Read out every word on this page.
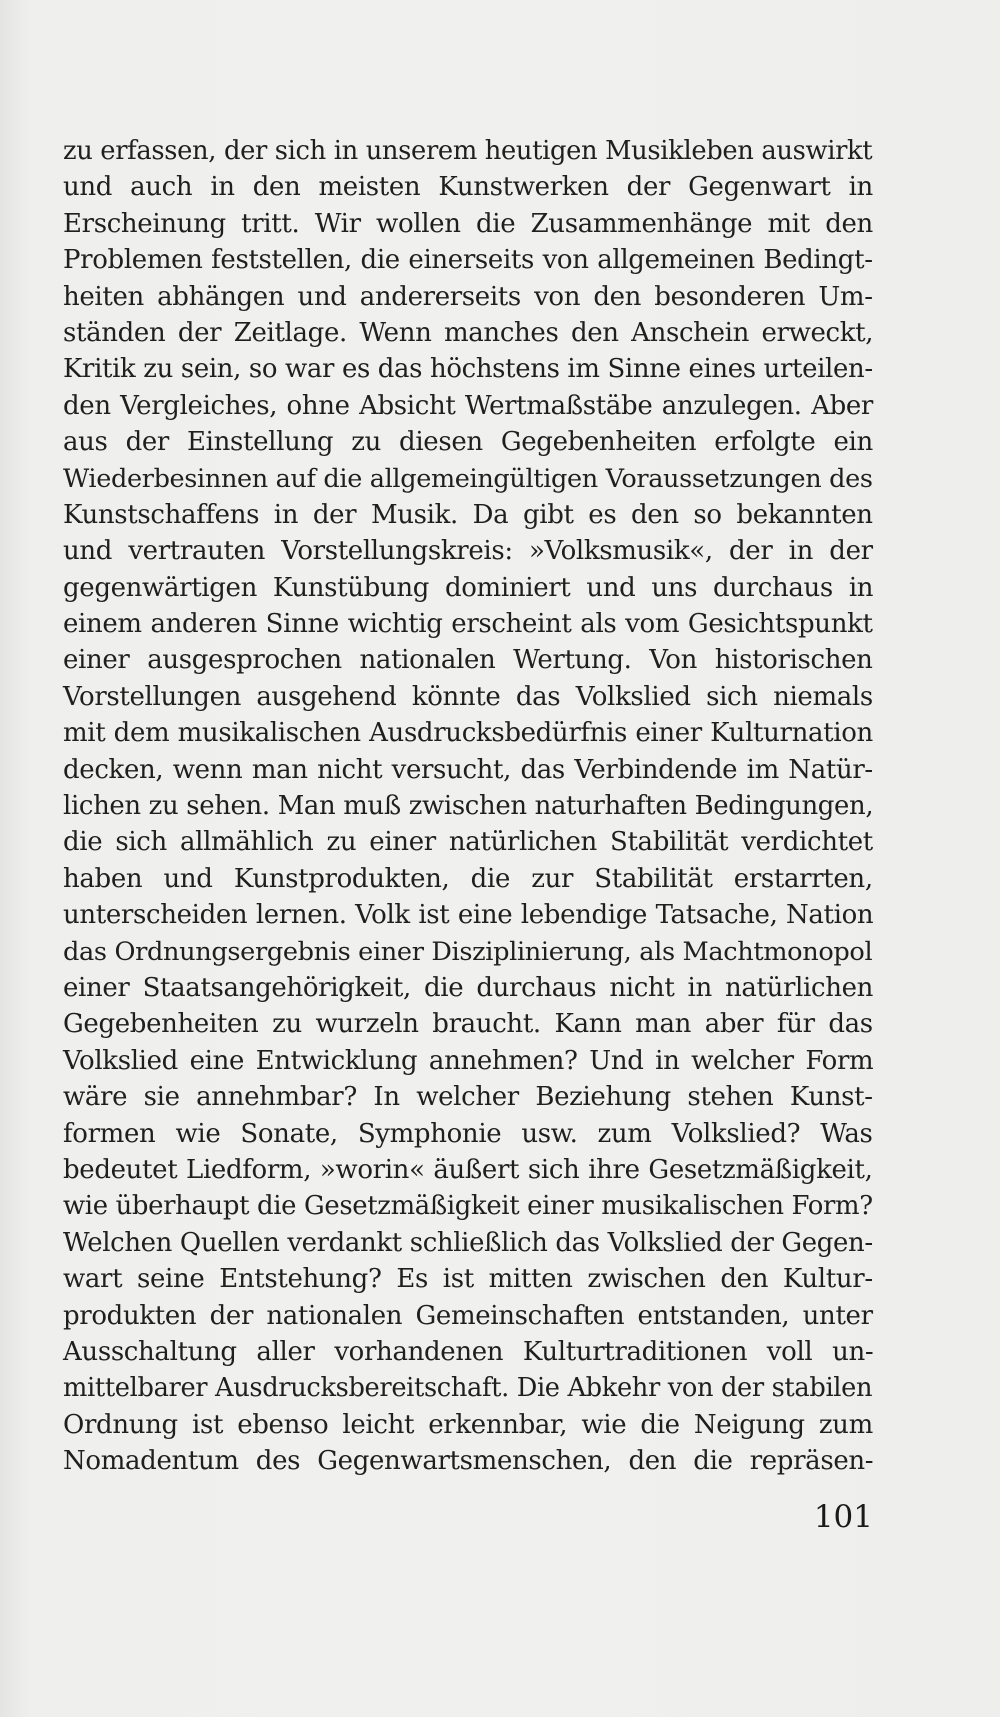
zu erfassen, der sich in unserem heutigen Musikleben auswirkt
und auch in den meisten Kunstwerken der Gegenwart in
Erscheinung tritt. Wir wollen die Zusammenhänge mit den
Problemen feststellen, die einerseits von allgemeinen Bedingt-
heiten abhängen und andererseits von den besonderen Um-
ständen der Zeitlage. Wenn manches den Anschein erweckt,
Kritik zu sein, so war es das höchstens im Sinne eines urteilen-
den Vergleiches, ohne Absicht Wertmaßstäbe anzulegen. Aber
aus der Einstellung zu diesen Gegebenheiten erfolgte ein
Wiederbesinnen auf die allgemeingültigen Voraussetzungen des
Kunstschaffens in der Musik. Da gibt es den so bekannten
und vertrauten Vorstellungskreis: »Volksmusik«, der in der
gegenwärtigen Kunstübung dominiert und uns durchaus in
einem anderen Sinne wichtig erscheint als vom Gesichtspunkt
einer ausgesprochen nationalen Wertung. Von historischen
Vorstellungen ausgehend könnte das Volkslied sich niemals
mit dem musikalischen Ausdrucksbedürfnis einer Kulturnation
decken, wenn man nicht versucht, das Verbindende im Natür-
lichen zu sehen. Man muß zwischen naturhaften Bedingungen,
die sich allmählich zu einer natürlichen Stabilität verdichtet
haben und Kunstprodukten, die zur Stabilität erstarrten,
unterscheiden lernen. Volk ist eine lebendige Tatsache, Nation
das Ordnungsergebnis einer Disziplinierung, als Machtmonopol
einer Staatsangehörigkeit, die durchaus nicht in natürlichen
Gegebenheiten zu wurzeln braucht. Kann man aber für das
Volkslied eine Entwicklung annehmen? Und in welcher Form
wäre sie annehmbar? In welcher Beziehung stehen Kunst-
formen wie Sonate, Symphonie usw. zum Volkslied? Was
bedeutet Liedform, »worin« äußert sich ihre Gesetzmäßigkeit,
wie überhaupt die Gesetzmäßigkeit einer musikalischen Form?
Welchen Quellen verdankt schließlich das Volkslied der Gegen-
wart seine Entstehung? Es ist mitten zwischen den Kultur-
produkten der nationalen Gemeinschaften entstanden, unter
Ausschaltung aller vorhandenen Kulturtraditionen voll un-
mittelbarer Ausdrucksbereitschaft. Die Abkehr von der stabilen
Ordnung ist ebenso leicht erkennbar, wie die Neigung zum
Nomadentum des Gegenwartsmenschen, den die repräsen-
101
